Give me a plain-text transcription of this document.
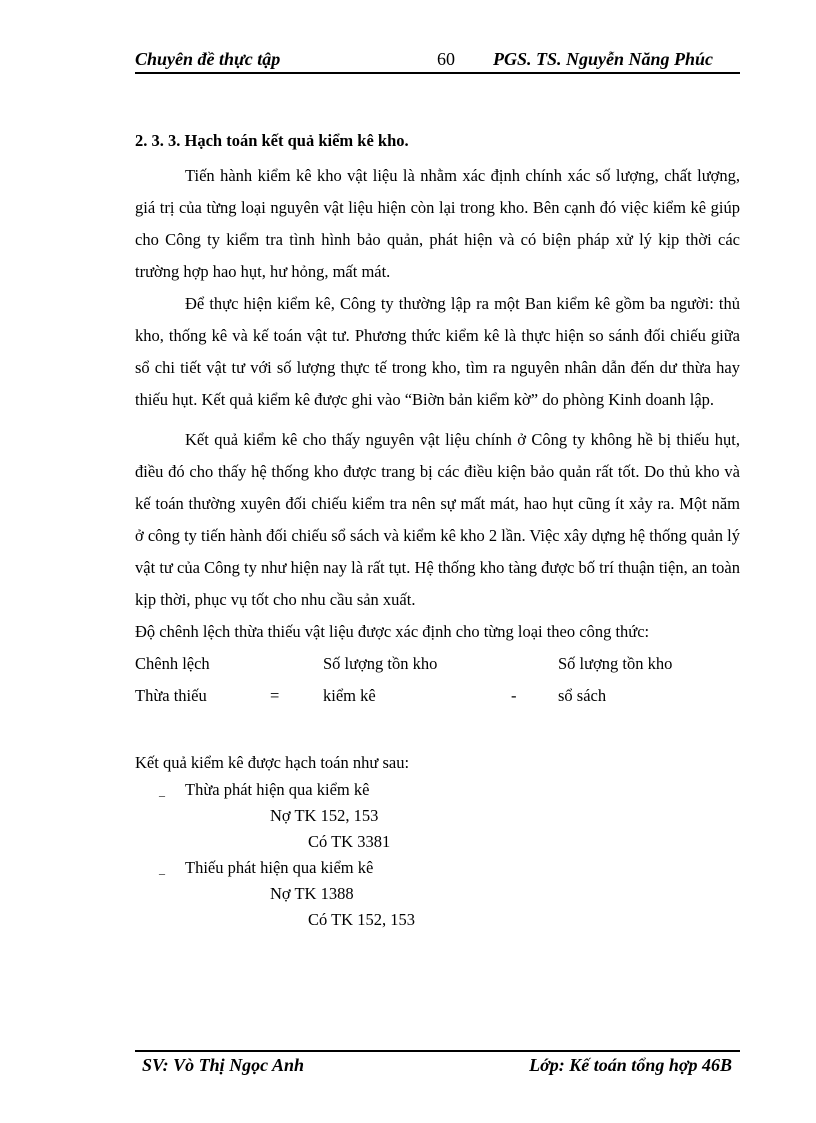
Chuyên đề thực tập	60 PGS. TS. Nguyễn Năng Phúc

2. 3. 3. Hạch toán kết quả kiểm kê kho.

Tiến hành kiểm kê kho vật liệu là nhằm xác định chính xác số lượng, chất lượng, giá trị của từng loại nguyên vật liệu hiện còn lại trong kho. Bên cạnh đó việc kiểm kê giúp cho Công ty kiểm tra tình hình bảo quản, phát hiện và có biện pháp xử lý kịp thời các trường hợp hao hụt, hư hỏng, mất mát.

Để thực hiện kiểm kê, Công ty thường lập ra một Ban kiểm kê gồm ba người: thủ kho, thống kê và kế toán vật tư. Phương thức kiểm kê là thực hiện so sánh đối chiếu giữa sổ chi tiết vật tư với số lượng thực tế trong kho, tìm ra nguyên nhân dẫn đến dư thừa hay thiếu hụt. Kết quả kiểm kê được ghi vào “Biờn bản kiểm kờ” do phòng Kinh doanh lập.

Kết quả kiểm kê cho thấy nguyên vật liệu chính ở Công ty không hề bị thiếu hụt, điều đó cho thấy hệ thống kho được trang bị các điều kiện bảo quản rất tốt. Do thủ kho và kế toán thường xuyên đối chiếu kiểm tra nên sự mất mát, hao hụt cũng ít xảy ra. Một năm ở công ty tiến hành đối chiếu sổ sách và kiểm kê kho 2 lần. Việc xây dựng hệ thống quản lý vật tư của Công ty như hiện nay là rất tụt. Hệ thống kho tàng được bố trí thuận tiện, an toàn kịp thời, phục vụ tốt cho nhu cầu sản xuất.

Độ chênh lệch thừa thiếu vật liệu được xác định cho từng loại theo công thức:
Chênh lệch	Số lượng tồn kho	Số lượng tồn kho
Thừa thiếu	=	kiểm kê	-	sổ sách
Kết quả kiểm kê được hạch toán như sau:
_ Thừa phát hiện qua kiểm kê
Nợ TK 152, 153
Có TK 3381
_ Thiếu phát hiện qua kiểm kê
Nợ TK 1388
Có TK 152, 153
SV: Vò Thị Ngọc Anh	Lớp: Kế toán tổng hợp 46B
